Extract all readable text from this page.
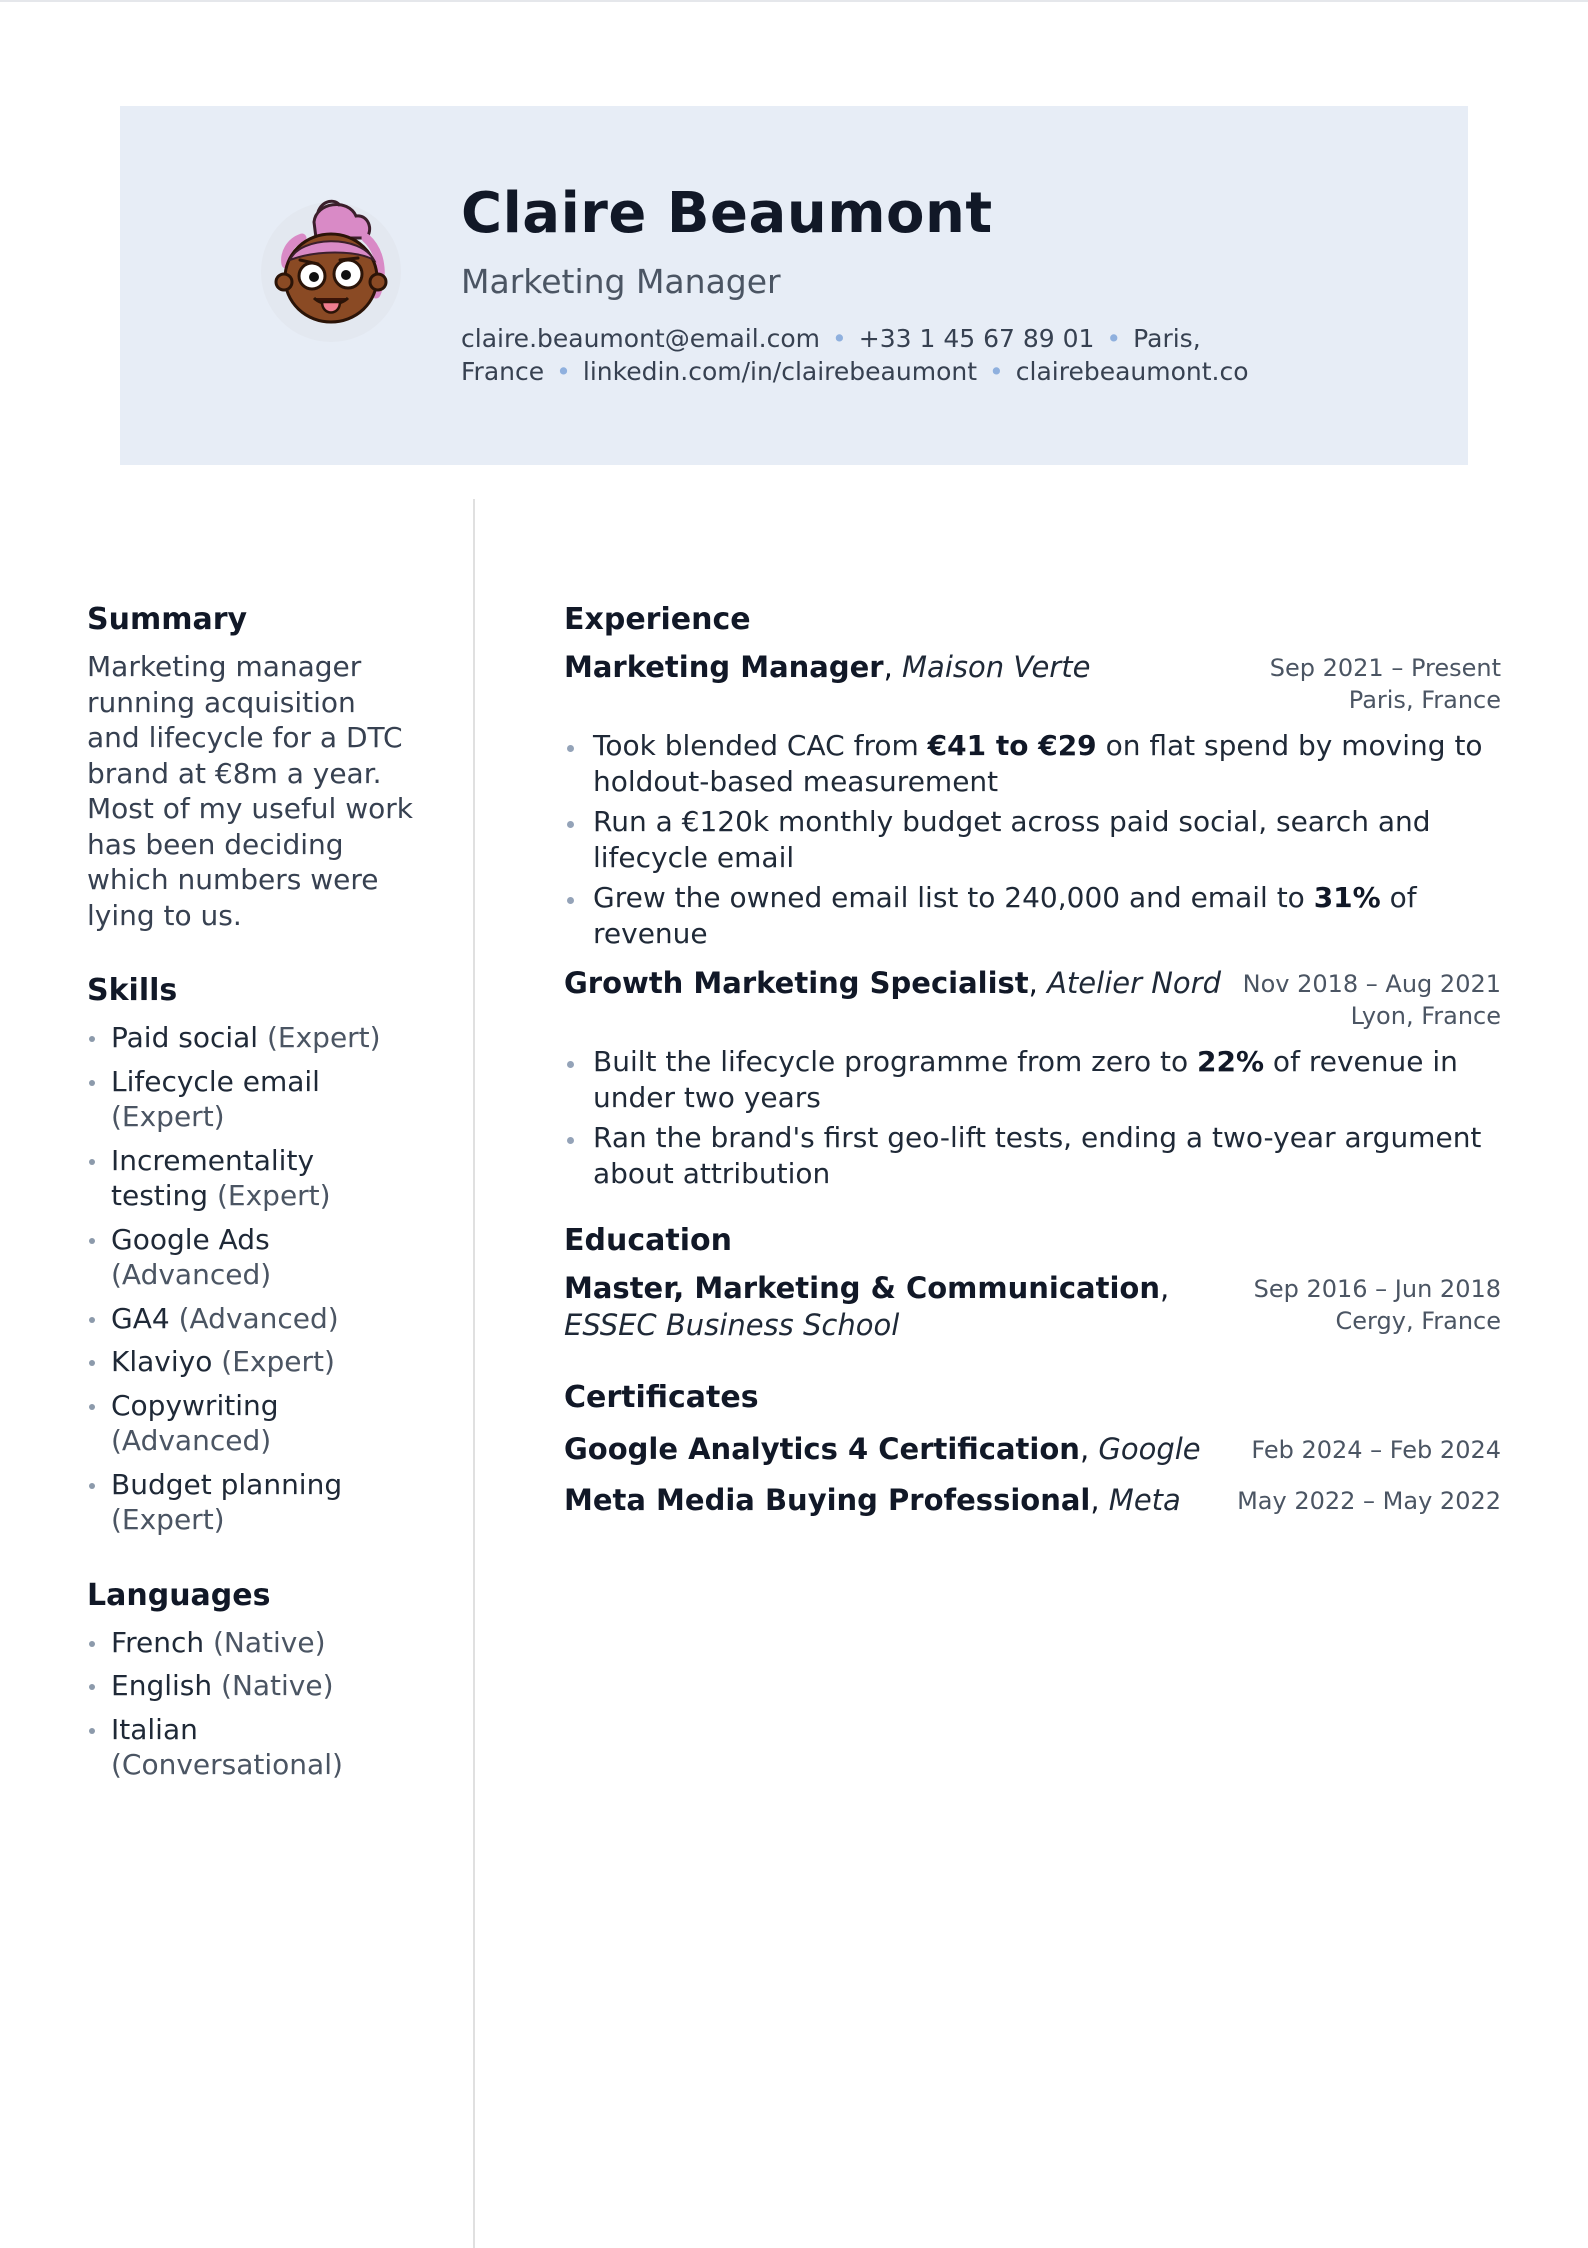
Claire Beaumont
Marketing Manager
claire.beaumont@email.com • +33 1 45 67 89 01 • Paris, France • linkedin.com/in/clairebeaumont • clairebeaumont.co
Summary
Marketing manager running acquisition and lifecycle for a DTC brand at €8m a year. Most of my useful work has been deciding which numbers were lying to us.
Skills
Paid social (Expert)
Lifecycle email (Expert)
Incrementality testing (Expert)
Google Ads (Advanced)
GA4 (Advanced)
Klaviyo (Expert)
Copywriting (Advanced)
Budget planning (Expert)
Languages
French (Native)
English (Native)
Italian (Conversational)
Experience
Marketing Manager, Maison Verte	Sep 2021 – Present
Paris, France
Took blended CAC from €41 to €29 on flat spend by moving to holdout-based measurement
Run a €120k monthly budget across paid social, search and lifecycle email
Grew the owned email list to 240,000 and email to 31% of revenue
Growth Marketing Specialist, Atelier Nord Nov 2018 – Aug 2021
Lyon, France
Built the lifecycle programme from zero to 22% of revenue in under two years
Ran the brand's first geo-lift tests, ending a two-year argument about attribution
Education
Master, Marketing & Communication,
ESSEC Business School
Sep 2016 – Jun 2018
Cergy, France
Certificates
Google Analytics 4 Certification, Google Feb 2024 – Feb 2024
Meta Media Buying Professional, Meta May 2022 – May 2022
